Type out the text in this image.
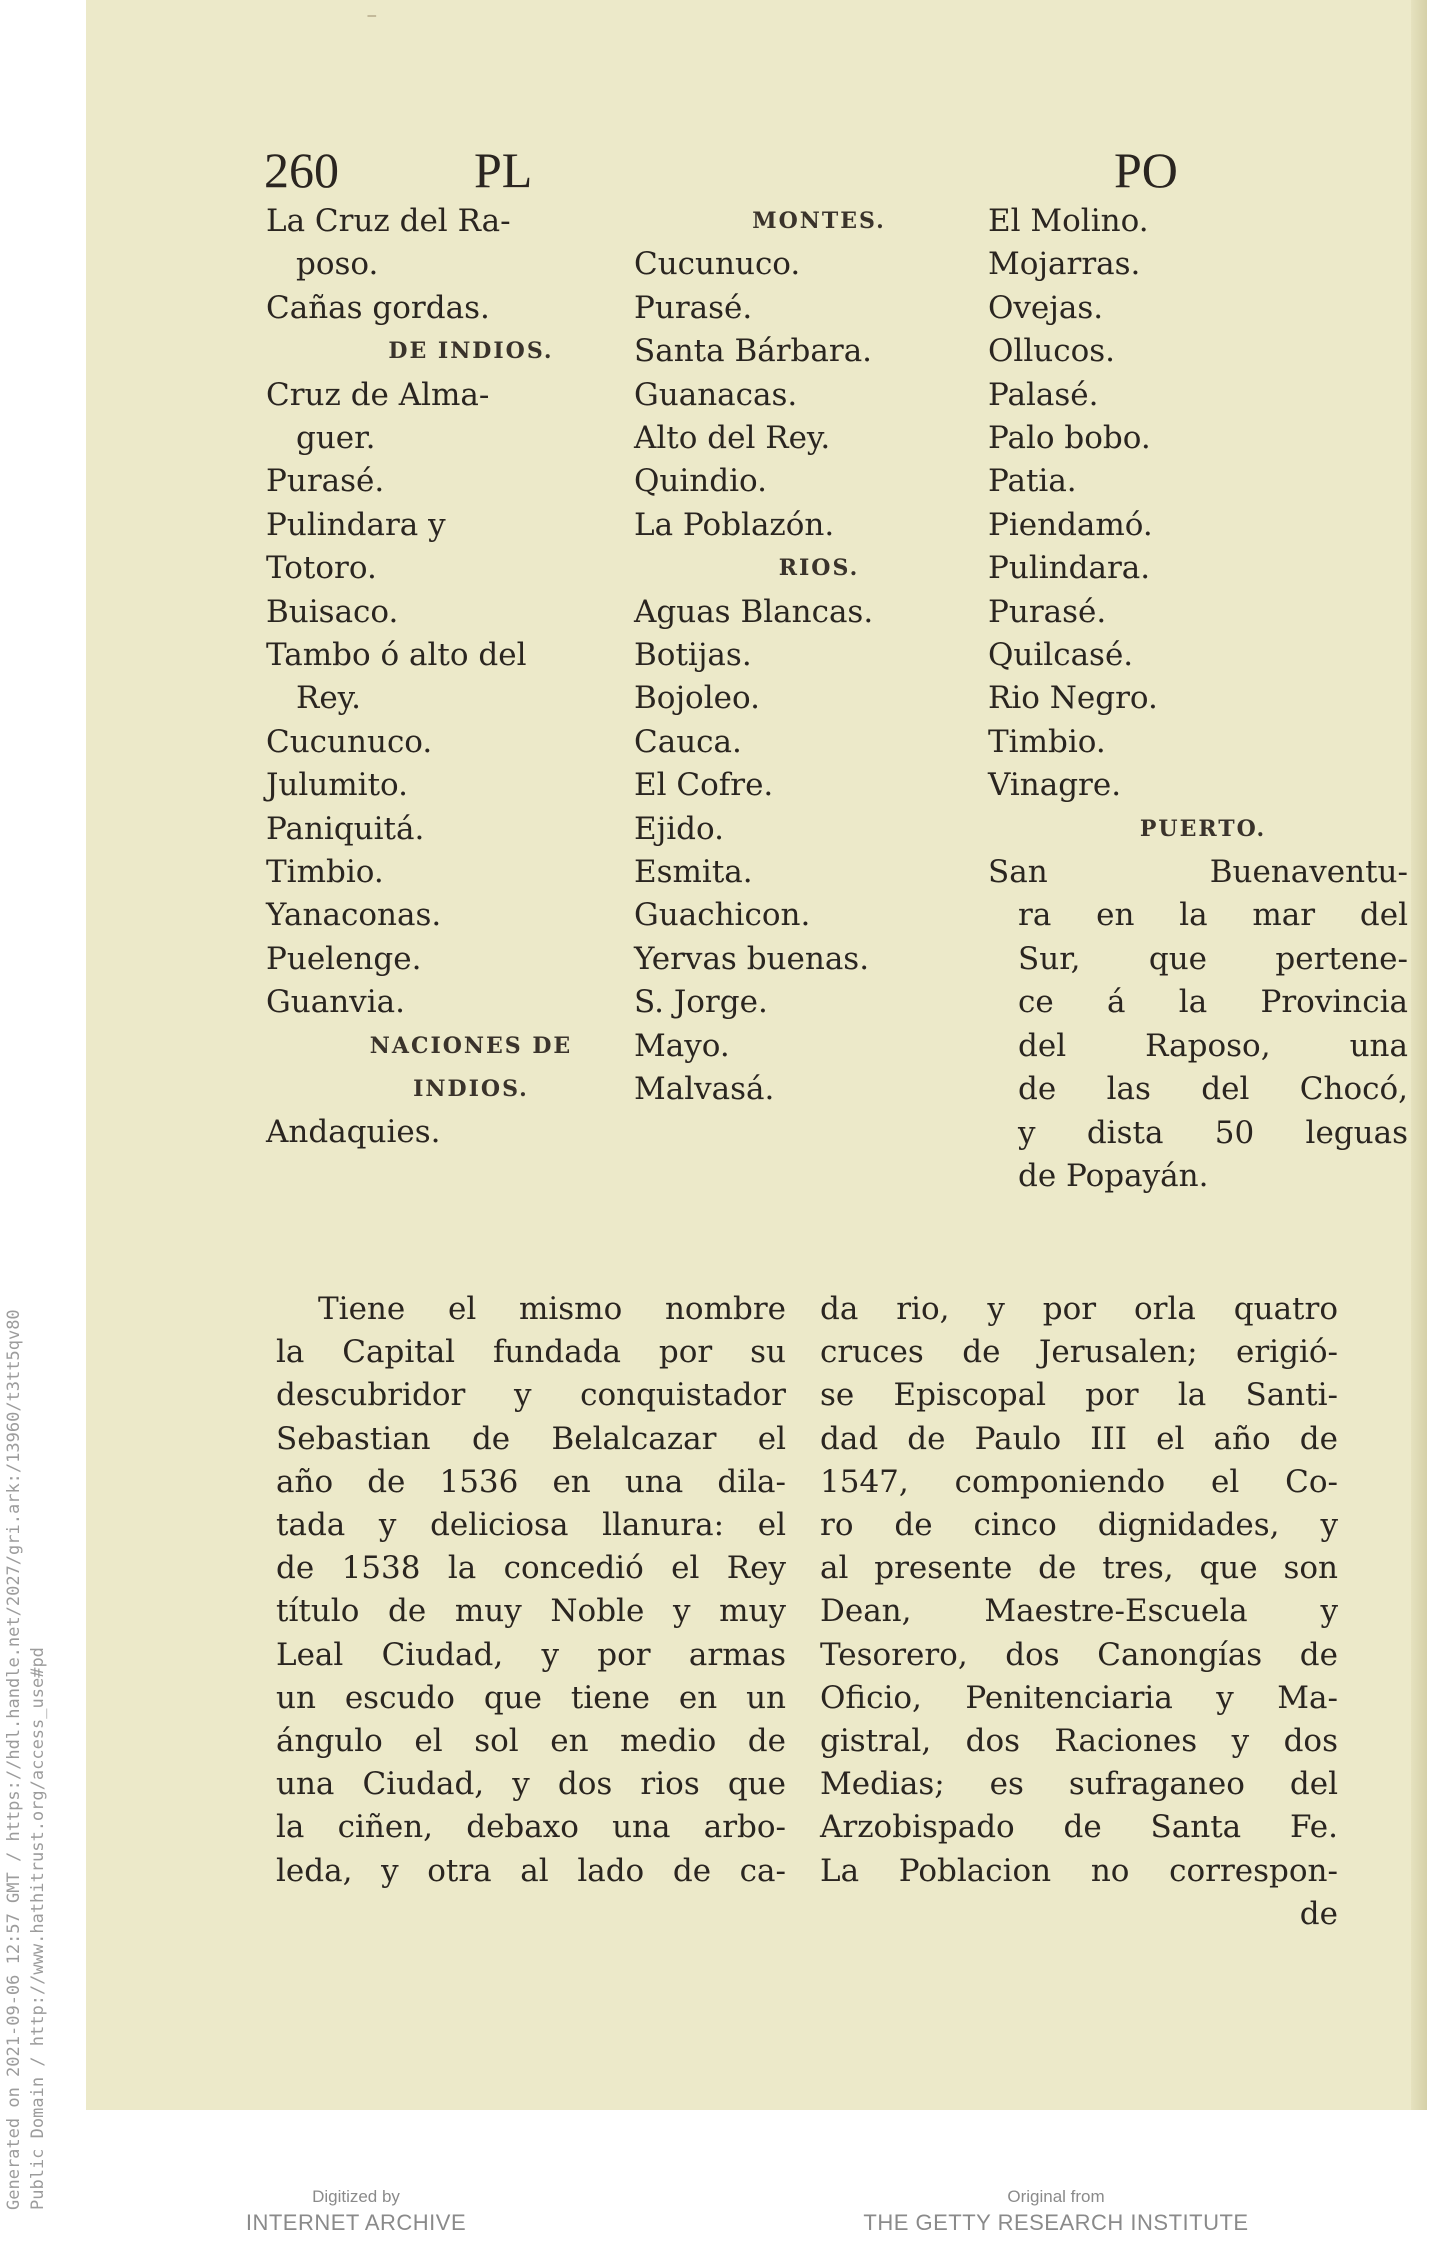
Generated on 2021-09-06 12:57 GMT / https://hdl.handle.net/2027/gri.ark:/13960/t3tt5qv80 Public Domain / http://www.hathitrust.org/access_use#pd
⁻
260	PL	PO
La Cruz del Ra-
poso.
Cañas gordas.
DE INDIOS.
Cruz de Alma-
guer.
Purasé.
Pulindara y
Totoro.
Buisaco.
Tambo ó alto del
Rey.
Cucunuco.
Julumito.
Paniquitá.
Timbio.
Yanaconas.
Puelenge.
Guanvia.
NACIONES DE
INDIOS.
Andaquies.
MONTES.
Cucunuco.
Purasé.
Santa Bárbara.
Guanacas.
Alto del Rey.
Quindio.
La Poblazón.
RIOS.
Aguas Blancas.
Botijas.
Bojoleo.
Cauca.
El Cofre.
Ejido.
Esmita.
Guachicon.
Yervas buenas.
S. Jorge.
Mayo.
Malvasá.
El Molino.
Mojarras.
Ovejas.
Ollucos.
Palasé.
Palo bobo.
Patia.
Piendamó.
Pulindara.
Purasé.
Quilcasé.
Rio Negro.
Timbio.
Vinagre.
PUERTO.
San Buenaventu-
ra en la mar del
Sur, que pertene-
ce á la Provincia
del Raposo, una
de las del Chocó,
y dista 50 leguas
de Popayán.
Tiene el mismo nombre
la Capital fundada por su
descubridor y conquistador
Sebastian de Belalcazar el
año de 1536 en una dila-
tada y deliciosa llanura: el
de 1538 la concedió el Rey
título de muy Noble y muy
Leal Ciudad, y por armas
un escudo que tiene en un
ángulo el sol en medio de
una Ciudad, y dos rios que
la ciñen, debaxo una arbo-
leda, y otra al lado de ca-
da rio, y por orla quatro
cruces de Jerusalen; erigió-
se Episcopal por la Santi-
dad de Paulo III el año de
1547, componiendo el Co-
ro de cinco dignidades, y
al presente de tres, que son
Dean, Maestre-Escuela y
Tesorero, dos Canongías de
Oficio, Penitenciaria y Ma-
gistral, dos Raciones y dos
Medias; es sufraganeo del
Arzobispado de Santa Fe.
La Poblacion no correspon-
de
Digitized by
INTERNET ARCHIVE
Original from
THE GETTY RESEARCH INSTITUTE
